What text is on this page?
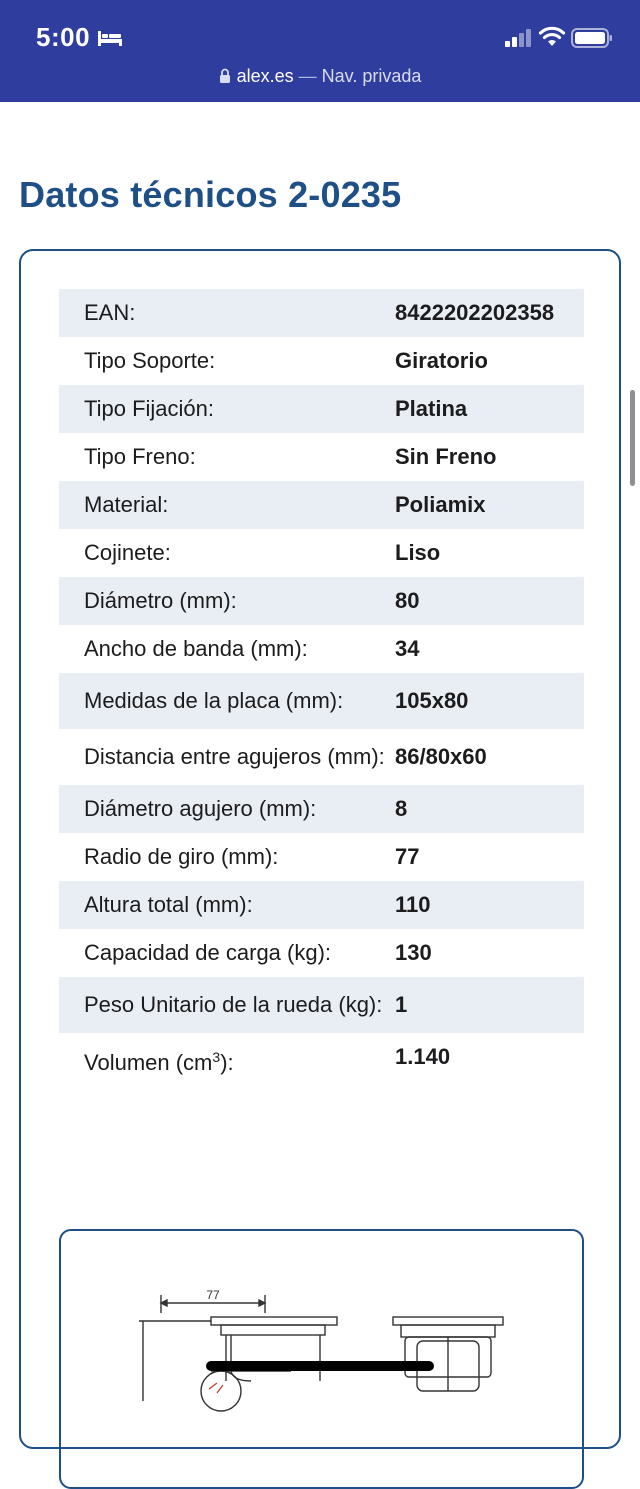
5:00
alex.es — Nav. privada
Datos técnicos 2-0235
EAN:	8422202202358
Tipo Soporte:	Giratorio
Tipo Fijación:	Platina
Tipo Freno:	Sin Freno
Material:	Poliamix
Cojinete:	Liso
Diámetro (mm):	80
Ancho de banda (mm):	34
Medidas de la placa (mm):	105x80
Distancia entre agujeros (mm): 86/80x60
Diámetro agujero (mm):	8
Radio de giro (mm):	77
Altura total (mm):	110
Capacidad de carga (kg):	130
Peso Unitario de la rueda (kg): 1
Volumen $(cm^3)$:	1.140
77
